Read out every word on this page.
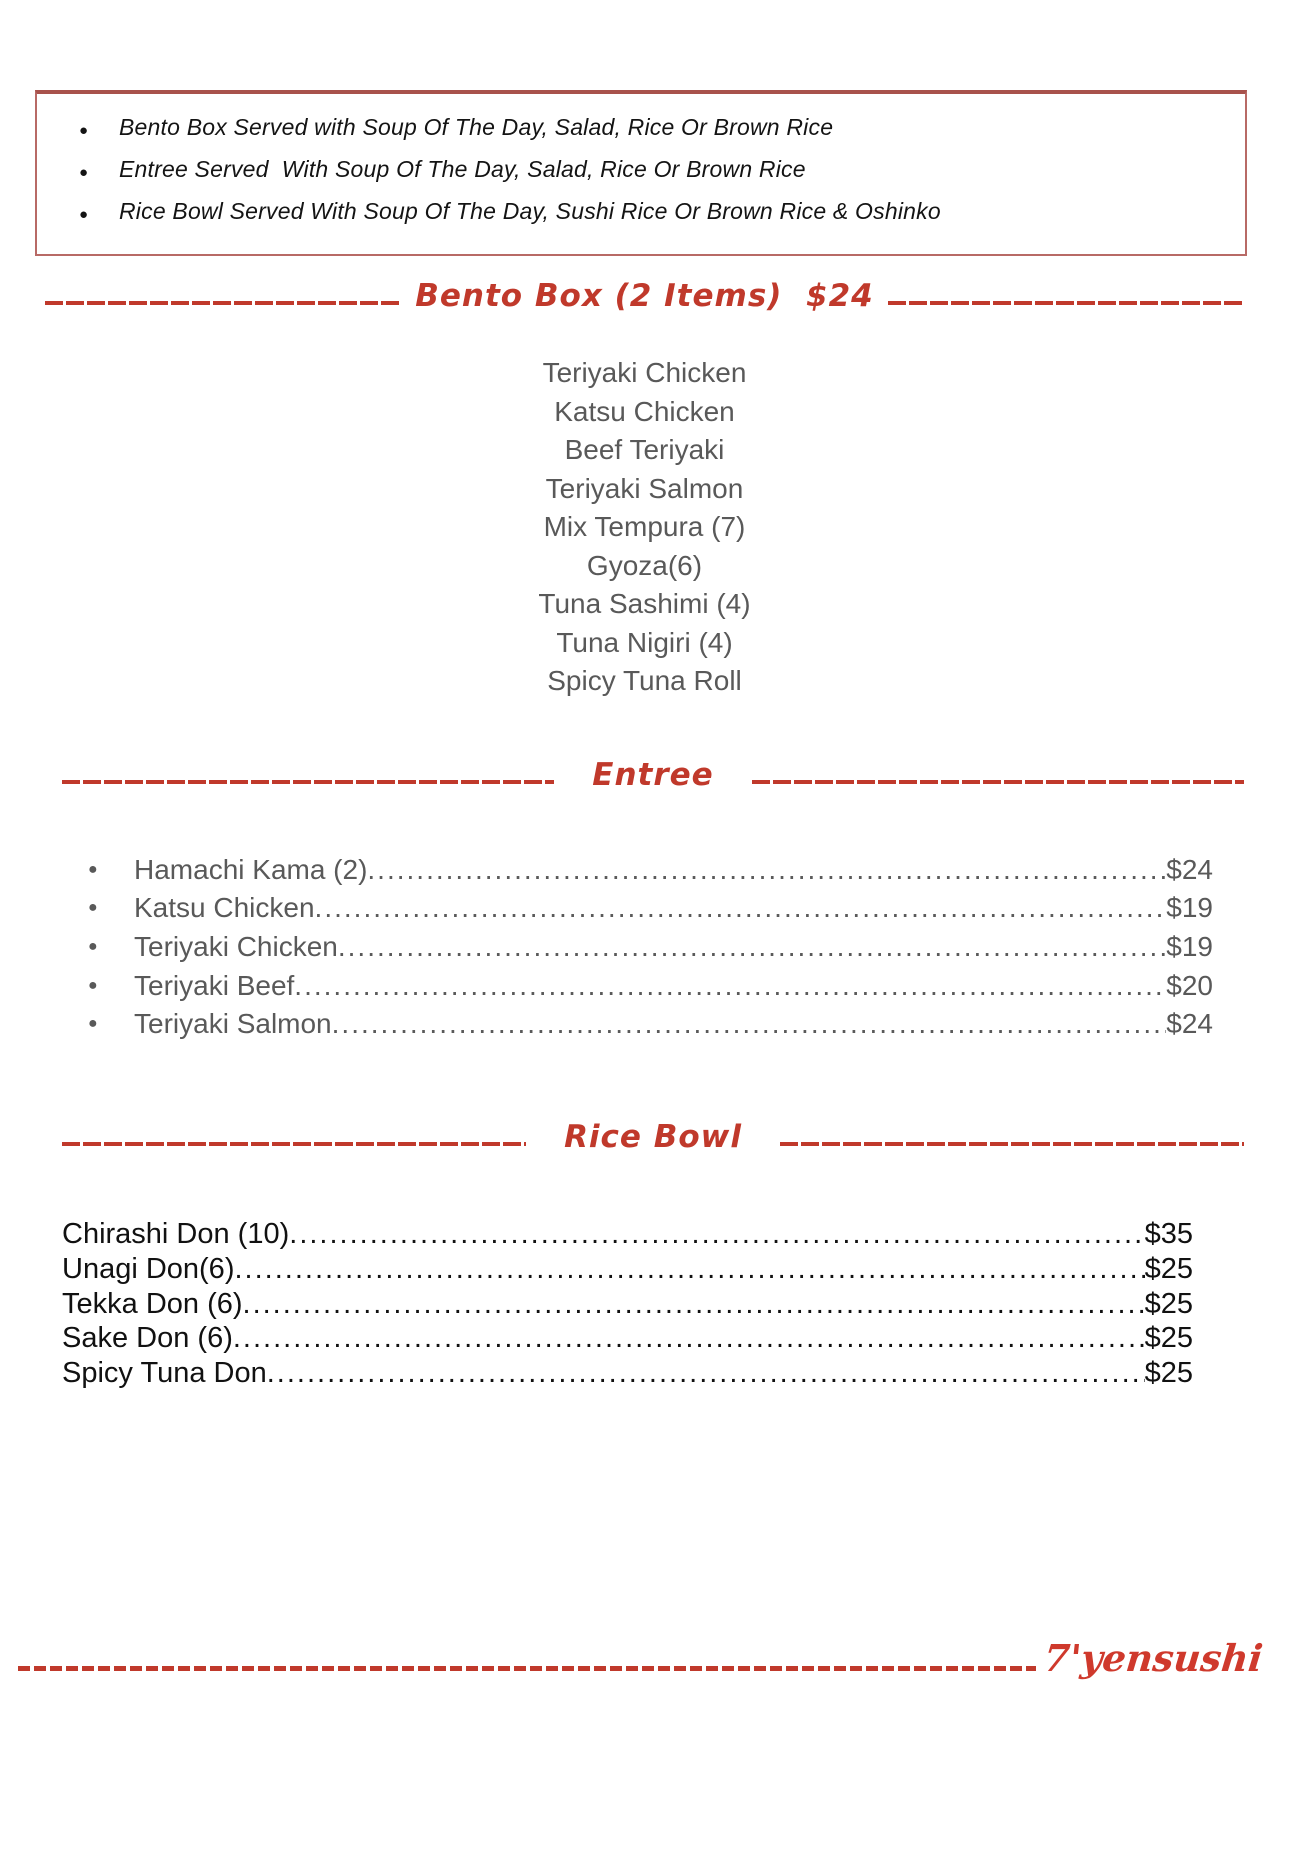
●	Bento Box Served with Soup Of The Day, Salad, Rice Or Brown Rice
●	Entree Served  With Soup Of The Day, Salad, Rice Or Brown Rice
●	Rice Bowl Served With Soup Of The Day, Sushi Rice Or Brown Rice & Oshinko
Bento Box (2 Items)  $24
Teriyaki Chicken
Katsu Chicken
Beef Teriyaki
Teriyaki Salmon
Mix Tempura (7)
Gyoza(6)
Tuna Sashimi (4)
Tuna Nigiri (4)
Spicy Tuna Roll
Entree
●	Hamachi Kama (2) .....	$24
●	Katsu Chicken .....	$19
●	Teriyaki Chicken .....	$19
●	Teriyaki Beef .....	$20
●	Teriyaki Salmon .....	$24
Rice Bowl
Chirashi Don (10) .....	$35
Unagi Don(6) .....	$25
Tekka Don (6) .....	$25
Sake Don (6) .....	$25
Spicy Tuna Don .....	$25
7'yensushi
